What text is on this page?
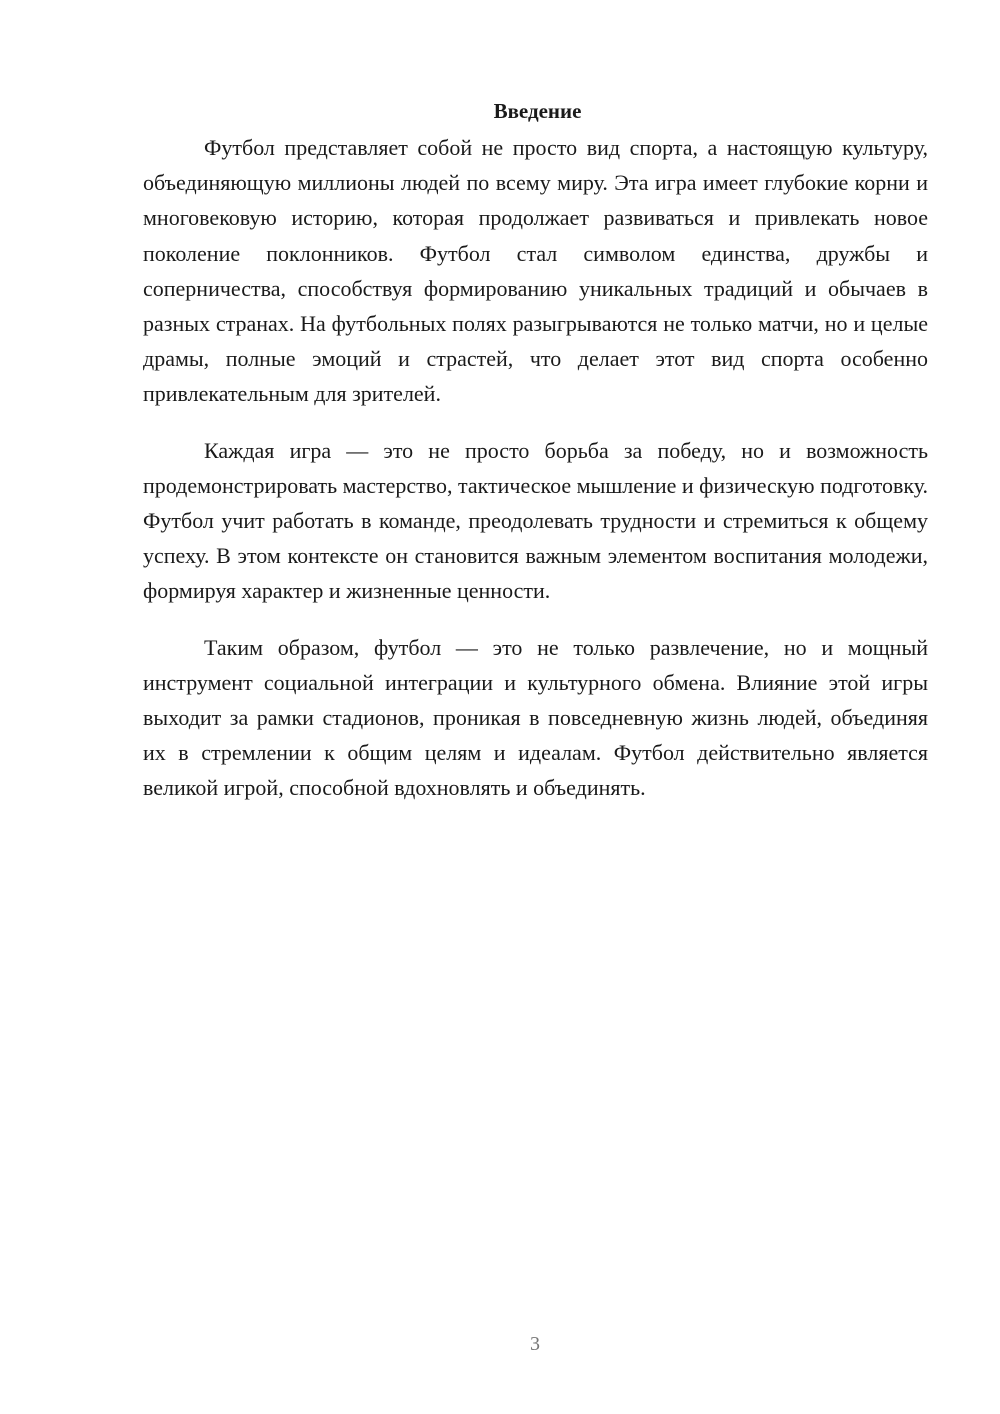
Введение

Футбол представляет собой не просто вид спорта, а настоящую культуру, объединяющую миллионы людей по всему миру. Эта игра имеет глубокие корни и многовековую историю, которая продолжает развиваться и привлекать новое поколение поклонников. Футбол стал символом единства, дружбы и соперничества, способствуя формированию уникальных традиций и обычаев в разных странах. На футбольных полях разыгрываются не только матчи, но и целые драмы, полные эмоций и страстей, что делает этот вид спорта особенно привлекательным для зрителей.

Каждая игра — это не просто борьба за победу, но и возможность продемонстрировать мастерство, тактическое мышление и физическую подготовку. Футбол учит работать в команде, преодолевать трудности и стремиться к общему успеху. В этом контексте он становится важным элементом воспитания молодежи, формируя характер и жизненные ценности.

Таким образом, футбол — это не только развлечение, но и мощный инструмент социальной интеграции и культурного обмена. Влияние этой игры выходит за рамки стадионов, проникая в повседневную жизнь людей, объединяя их в стремлении к общим целям и идеалам. Футбол действительно является великой игрой, способной вдохновлять и объединять.

3
